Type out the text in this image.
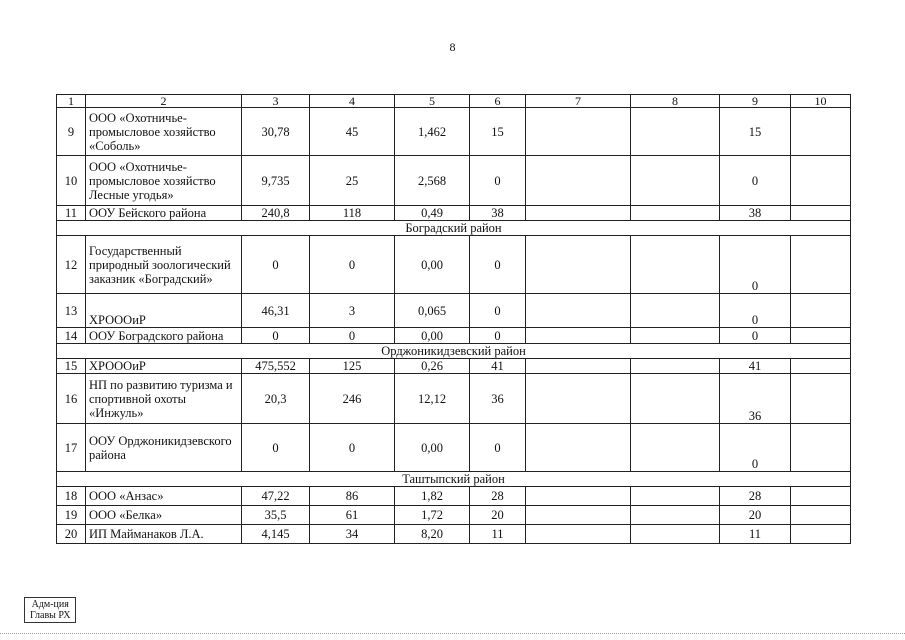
8
1	2	3	4	5	6	7	8	9	10
9	ООО «Охотничье-промысловое хозяйство «Соболь»	30,78	45	1,462	15			15	
10	ООО «Охотничье-промысловое хозяйство Лесные угодья»	9,735	25	2,568	0			0	
11	ООУ Бейского района	240,8	118	0,49	38			38	
Боградский район									
12	Государственный природный зоологический заказник «Боградский»	0	0	0,00	0			0	
13	ХРОООиР	46,31	3	0,065	0			0	
14	ООУ Боградского района	0	0	0,00	0			0	
Орджоникидзевский район									
15	ХРОООиР	475,552	125	0,26	41			41	
16	НП по развитию туризма и спортивной охоты «Инжуль»	20,3	246	12,12	36			36	
17	ООУ Орджоникидзевского района	0	0	0,00	0			0	
Таштыпский район									
18	ООО «Анзас»	47,22	86	1,82	28			28	
19	ООО «Белка»	35,5	61	1,72	20			20	
20	ИП Майманаков Л.А.	4,145	34	8,20	11			11	
Адм-ция
Главы РХ
